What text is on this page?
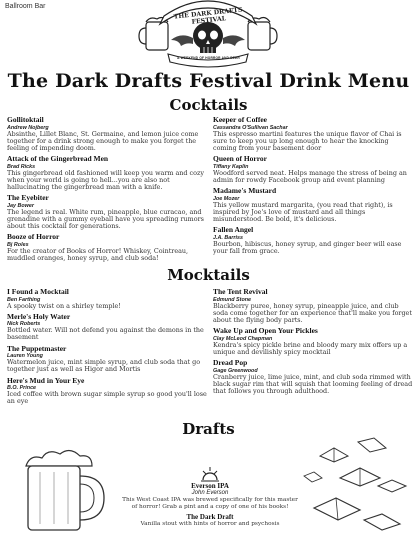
Ballroom Bar	THE DARK DRAFTS FESTIVAL
A WEEKEND OF HORROR AND BEER
The Dark Drafts Festival Drink Menu
Cocktails
Gollitoktail
Andrew Nojberg
Absinthe, Lillet Blanc, St. Germaine, and lemon juice come together for a drink strong enough to make you forget the feeling of impending doom.
Attack of the Gingerbread Men
Brad Ricks
This gingerbread old fashioned will keep you warm and cozy when your world is going to hell...you are also not hallucinating the gingerbread man with a knife.
The Eyebiter
Jay Bower
The legend is real. White rum, pineapple, blue curacao, and grenadine with a gummy eyeball have you spreading rumors about this cocktail for generations.
Booze of Horror
Bj Roles
For the creator of Books of Horror! Whiskey, Cointreau, muddled oranges, honey syrup, and club soda!
Keeper of Coffee
Cassandra O'Sullivan Sachar
This espresso martini features the unique flavor of Chai is sure to keep you up long enough to hear the knocking coming from your basement door
Queen of Horror
Tiffany Kaplin
Woodford served neat. Helps manage the stress of being an admin for rowdy Facebook group and event planning
Madame's Mustard
Joe Mozer
This yellow mustard margarita, (you read that right), is inspired by Joe's love of mustard and all things misunderstood. Be bold, it's delicious.
Fallen Angel
J.A. Barriss
Bourbon, hibiscus, honey syrup, and ginger beer will ease your fall from grace.
Mocktails
I Found a Mocktail
Ben Farthing
A spooky twist on a shirley temple!
Merle's Holy Water
Nick Roberts
Bottled water. Will not defend you against the demons in the basement
The Puppetmaster
Lauren Young
Watermelon juice, mint simple syrup, and club soda that go together just as well as Higor and Mortis
Here's Mud in Your Eye
B.O. Prince
Iced coffee with brown sugar simple syrup so good you'll lose an eye
The Tent Revival
Edmund Stone
Blackberry puree, honey syrup, pineapple juice, and club soda come together for an experience that'll make you forget about the flying body parts.
Wake Up and Open Your Pickles
Clay McLeod Chapman
Kendra's spicy pickle brine and bloody mary mix offers up a unique and devilishly spicy mocktail
Dread Pop
Gage Greenwood
Cranberry juice, lime juice, mint, and club soda rimmed with black sugar rim that will squish that looming feeling of dread that follows you through adulthood.
Drafts
Everson IPA
John Everson
This West Coast IPA was brewed specifically for this master of horror! Grab a pint and a copy of one of his books!
The Dark Draft
Vanilla stout with hints of horror and psychosis
